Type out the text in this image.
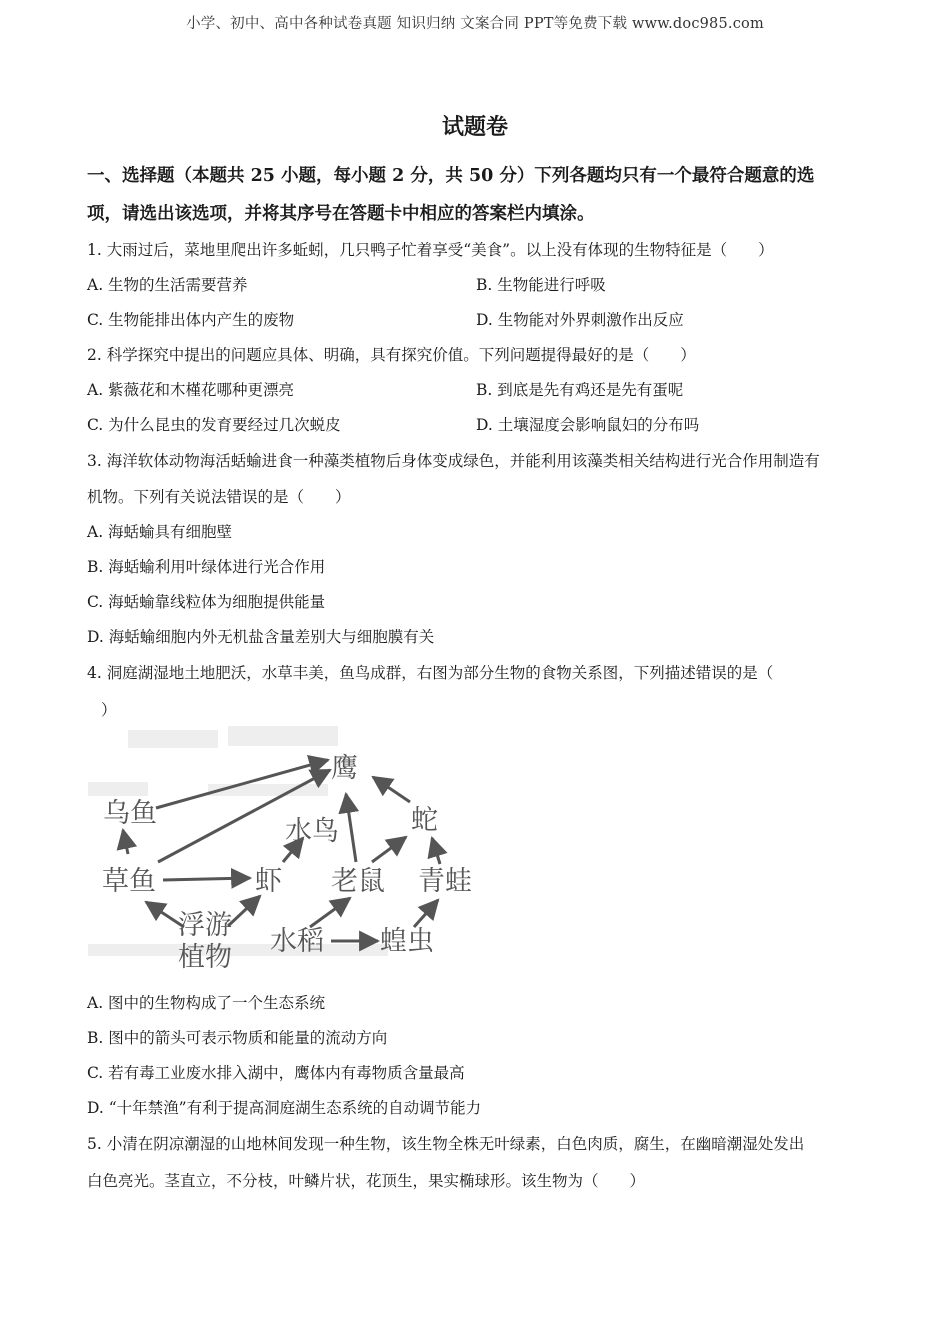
小学、初中、高中各种试卷真题 知识归纳 文案合同 PPT等免费下载 www.doc985.com
试题卷
一、选择题（本题共 25 小题，每小题 2 分，共 50 分）下列各题均只有一个最符合题意的选
项，请选出该选项，并将其序号在答题卡中相应的答案栏内填涂。
1. 大雨过后，菜地里爬出许多蚯蚓，几只鸭子忙着享受“美食”。以上没有体现的生物特征是（　　）
A. 生物的生活需要营养	B. 生物能进行呼吸
C. 生物能排出体内产生的废物	D. 生物能对外界刺激作出反应
2. 科学探究中提出的问题应具体、明确，具有探究价值。下列问题提得最好的是（　　）
A. 紫薇花和木槿花哪种更漂亮	B. 到底是先有鸡还是先有蛋呢
C. 为什么昆虫的发育要经过几次蜕皮	D. 土壤湿度会影响鼠妇的分布吗
3. 海洋软体动物海活蛞蝓进食一种藻类植物后身体变成绿色，并能利用该藻类相关结构进行光合作用制造有
机物。下列有关说法错误的是（　　）
A. 海蛞蝓具有细胞壁
B. 海蛞蝓利用叶绿体进行光合作用
C. 海蛞蝓靠线粒体为细胞提供能量
D. 海蛞蝓细胞内外无机盐含量差别大与细胞膜有关
4. 洞庭湖湿地土地肥沃，水草丰美，鱼鸟成群，右图为部分生物的食物关系图，下列描述错误的是（
）
鹰
乌鱼
水鸟	蛇
草鱼	虾 老鼠 青蛙
浮游
植物
水稻 蝗虫
A. 图中的生物构成了一个生态系统
B. 图中的箭头可表示物质和能量的流动方向
C. 若有毒工业废水排入湖中，鹰体内有毒物质含量最高
D. “十年禁渔”有利于提高洞庭湖生态系统的自动调节能力
5. 小清在阴凉潮湿的山地林间发现一种生物，该生物全株无叶绿素，白色肉质，腐生，在幽暗潮湿处发出
白色亮光。茎直立，不分枝，叶鳞片状，花顶生，果实椭球形。该生物为（　　）
